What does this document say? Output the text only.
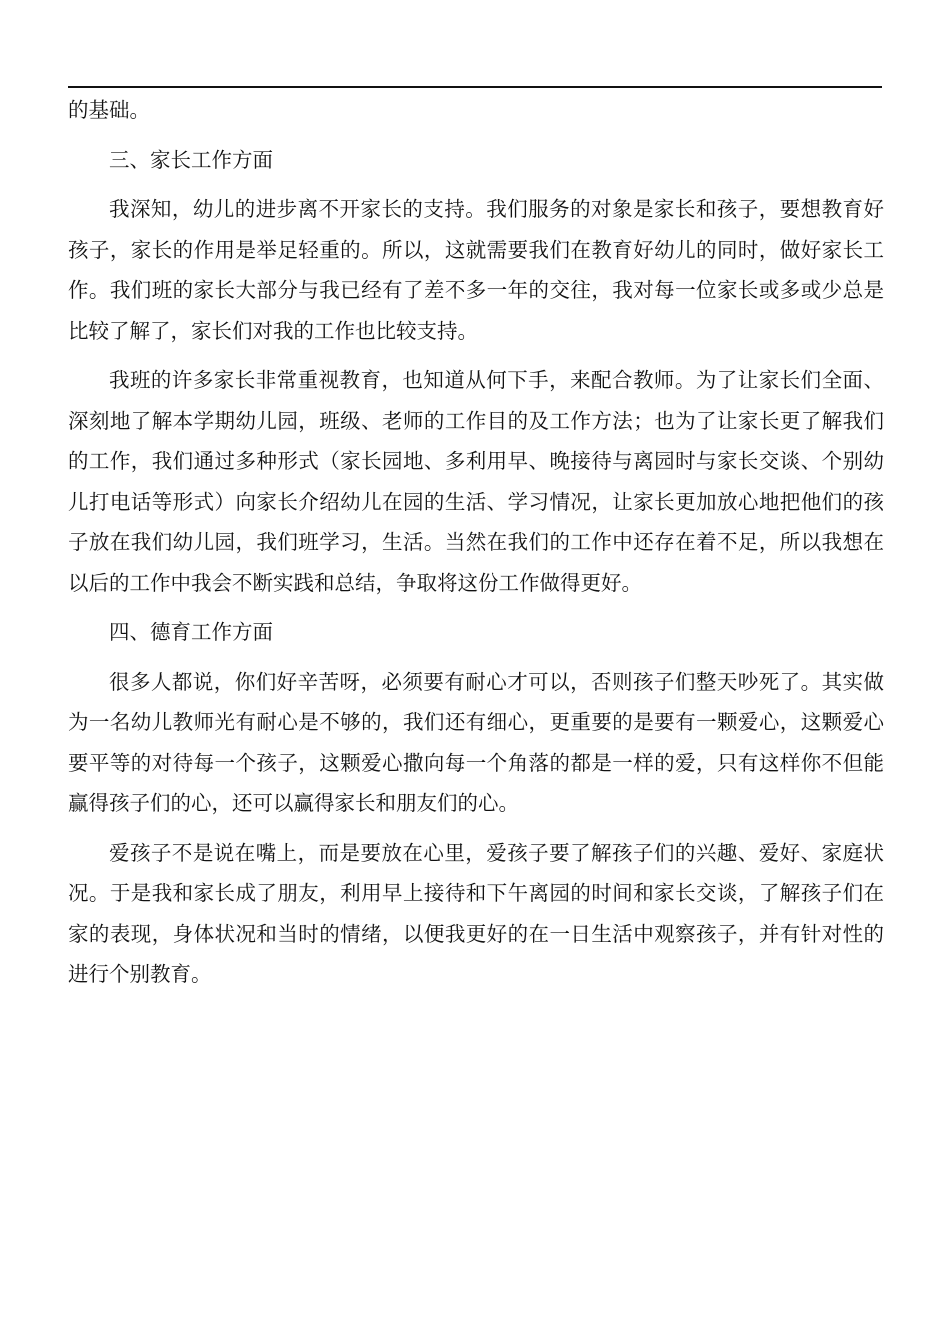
的基础。

三、家长工作方面

我深知，幼儿的进步离不开家长的支持。我们服务的对象是家长和孩子，要想教育好孩子，家长的作用是举足轻重的。所以，这就需要我们在教育好幼儿的同时，做好家长工作。我们班的家长大部分与我已经有了差不多一年的交往，我对每一位家长或多或少总是比较了解了，家长们对我的工作也比较支持。

我班的许多家长非常重视教育，也知道从何下手，来配合教师。为了让家长们全面、深刻地了解本学期幼儿园，班级、老师的工作目的及工作方法；也为了让家长更了解我们的工作，我们通过多种形式（家长园地、多利用早、晚接待与离园时与家长交谈、个别幼儿打电话等形式）向家长介绍幼儿在园的生活、学习情况，让家长更加放心地把他们的孩子放在我们幼儿园，我们班学习，生活。当然在我们的工作中还存在着不足，所以我想在以后的工作中我会不断实践和总结，争取将这份工作做得更好。

四、德育工作方面

很多人都说，你们好辛苦呀，必须要有耐心才可以，否则孩子们整天吵死了。其实做为一名幼儿教师光有耐心是不够的，我们还有细心，更重要的是要有一颗爱心，这颗爱心要平等的对待每一个孩子，这颗爱心撒向每一个角落的都是一样的爱，只有这样你不但能赢得孩子们的心，还可以赢得家长和朋友们的心。

爱孩子不是说在嘴上，而是要放在心里，爱孩子要了解孩子们的兴趣、爱好、家庭状况。于是我和家长成了朋友，利用早上接待和下午离园的时间和家长交谈，了解孩子们在家的表现，身体状况和当时的情绪，以便我更好的在一日生活中观察孩子，并有针对性的进行个别教育。
